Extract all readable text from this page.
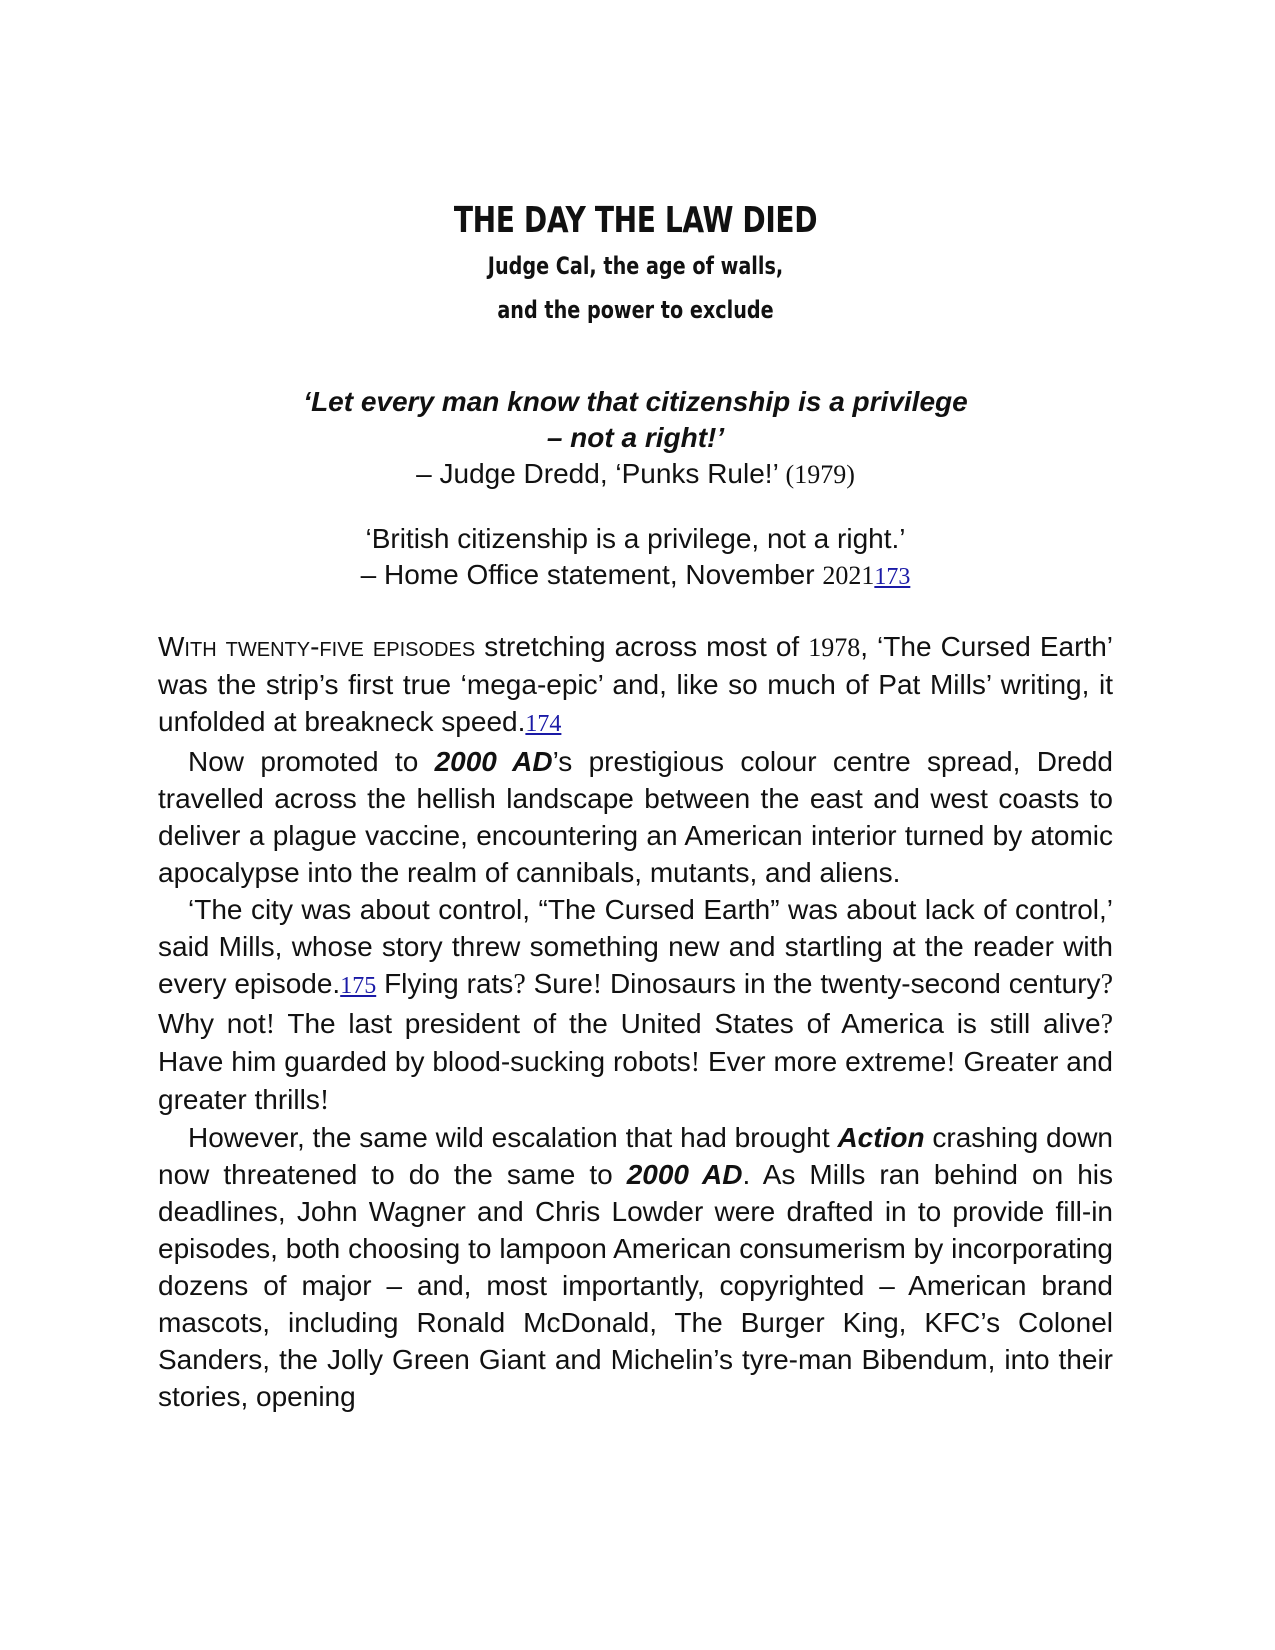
THE DAY THE LAW DIED
Judge Cal, the age of walls,
and the power to exclude
‘Let every man know that citizenship is a privilege
– not a right!’
– Judge Dredd, ‘Punks Rule!’ (1979)
‘British citizenship is a privilege, not a right.’
– Home Office statement, November 2021173

With twenty-five episodes stretching across most of 1978, ‘The Cursed Earth’ was the strip’s first true ‘mega-epic’ and, like so much of Pat Mills’ writing, it unfolded at breakneck speed.174

Now promoted to 2000 AD’s prestigious colour centre spread, Dredd travelled across the hellish landscape between the east and west coasts to deliver a plague vaccine, encountering an American interior turned by atomic apocalypse into the realm of cannibals, mutants, and aliens.

‘The city was about control, “The Cursed Earth” was about lack of control,’ said Mills, whose story threw something new and startling at the reader with every episode.175 Flying rats? Sure! Dinosaurs in the twenty-second century? Why not! The last president of the United States of America is still alive? Have him guarded by blood-sucking robots! Ever more extreme! Greater and greater thrills!

However, the same wild escalation that had brought Action crashing down now threatened to do the same to 2000 AD. As Mills ran behind on his deadlines, John Wagner and Chris Lowder were drafted in to provide fill-in episodes, both choosing to lampoon American consumerism by incorporating dozens of major – and, most importantly, copyrighted – American brand mascots, including Ronald McDonald, The Burger King, KFC’s Colonel Sanders, the Jolly Green Giant and Michelin’s tyre-man Bibendum, into their stories, opening
